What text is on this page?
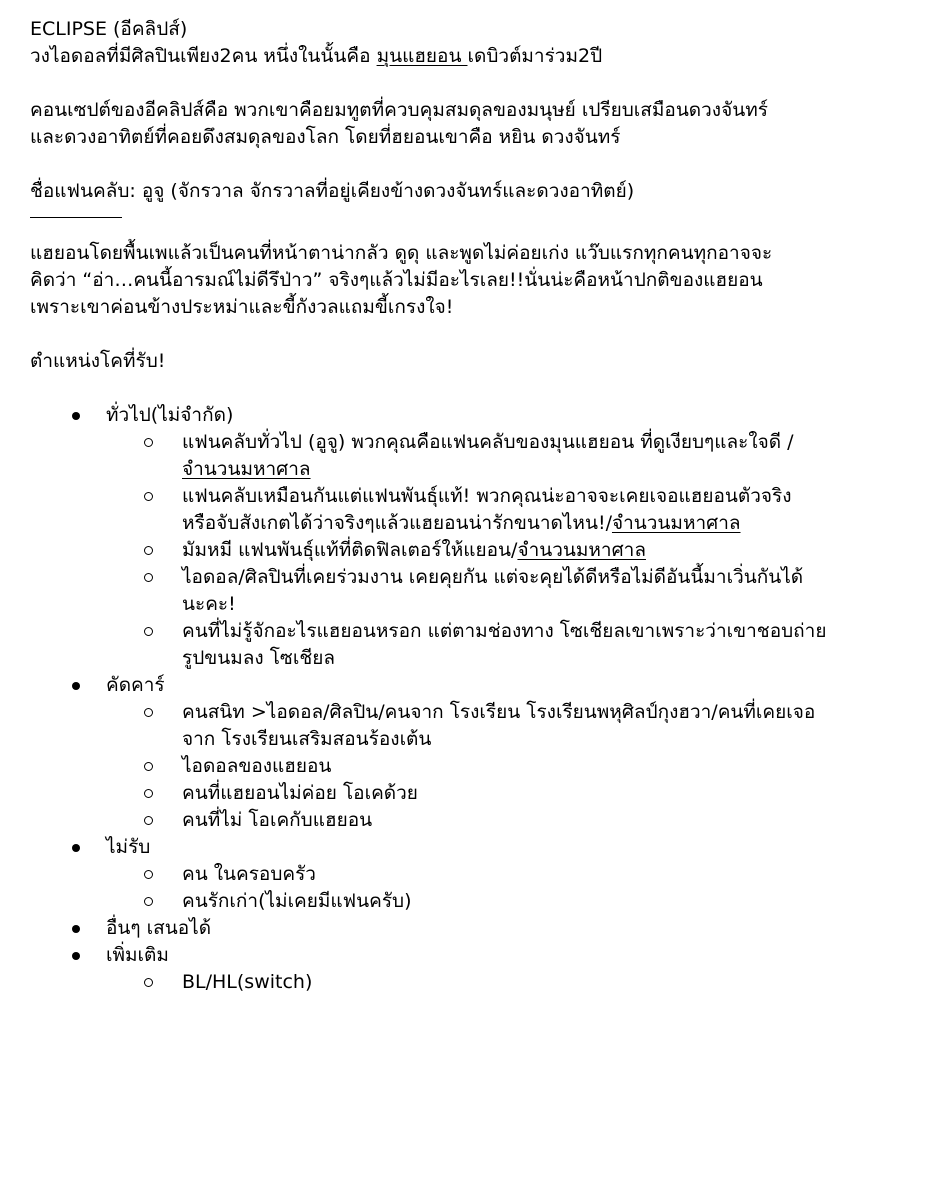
ECLIPSE (อีคลิปส์)

วงไอดอลที่มีศิลปินเพียง2คน หนึ่งในนั้นคือ มุนแฮยอน เดบิวต์มาร่วม2ปี

คอนเซปต์ของอีคลิปส์คือ พวกเขาคือยมทูตที่ควบคุมสมดุลของมนุษย์ เปรียบเสมือนดวงจันทร์

และดวงอาทิตย์ที่คอยดึงสมดุลของโลก โดยที่ฮยอนเขาคือ หยิน ดวงจันทร์

ชื่อแฟนคลับ: อูจู (จักรวาล จักรวาลที่อยู่เคียงข้างดวงจันทร์และดวงอาทิตย์)

แฮยอนโดยพื้นเพแล้วเป็นคนที่หน้าตาน่ากลัว ดูดุ และพูดไม่ค่อยเก่ง แว๊บแรกทุกคนทุกอาจจะ

คิดว่า “อ่า…คนนี้อารมณ์ไม่ดีรึป่าว” จริงๆแล้วไม่มีอะไรเลย!!นั่นน่ะคือหน้าปกติของแฮยอน

เพราะเขาค่อนข้างประหม่าและขี้กังวลแถมขี้เกรงใจ!

ตำแหน่งโคที่รับ!

ทั่วไป(ไม่จำกัด)
แฟนคลับทั่วไป (อูจู) พวกคุณคือแฟนคลับของมุนแฮยอน ที่ดูเงียบๆและใจดี /
จำนวนมหาศาล
แฟนคลับเหมือนกันแต่แฟนพันธุ์แท้! พวกคุณน่ะอาจจะเคยเจอแฮยอนตัวจริง
หรือจับสังเกตได้ว่าจริงๆแล้วแฮยอนน่ารักขนาดไหน!/จำนวนมหาศาล
มัมหมี แฟนพันธุ์แท้ที่ติดฟิลเตอร์ให้แยอน/จำนวนมหาศาล
ไอดอล/ศิลปินที่เคยร่วมงาน เคยคุยกัน แต่จะคุยได้ดีหรือไม่ดีอันนี้มาเวิ่นกันได้
นะคะ!
คนที่ไม่รู้จักอะไรแฮยอนหรอก แต่ตามช่องทาง โซเชียลเขาเพราะว่าเขาชอบถ่าย
รูปขนมลง โซเชียล
คัดคาร์
คนสนิท >ไอดอล/ศิลปิน/คนจาก โรงเรียน โรงเรียนพหุศิลป์กุงฮวา/คนที่เคยเจอ
จาก โรงเรียนเสริมสอนร้องเต้น
ไอดอลของแฮยอน
คนที่แฮยอนไม่ค่อย โอเคด้วย
คนที่ไม่ โอเคกับแฮยอน
ไม่รับ
คน ในครอบครัว
คนรักเก่า(ไม่เคยมีแฟนครับ)
อื่นๆ เสนอได้
เพิ่มเติม
BL/HL(switch)
